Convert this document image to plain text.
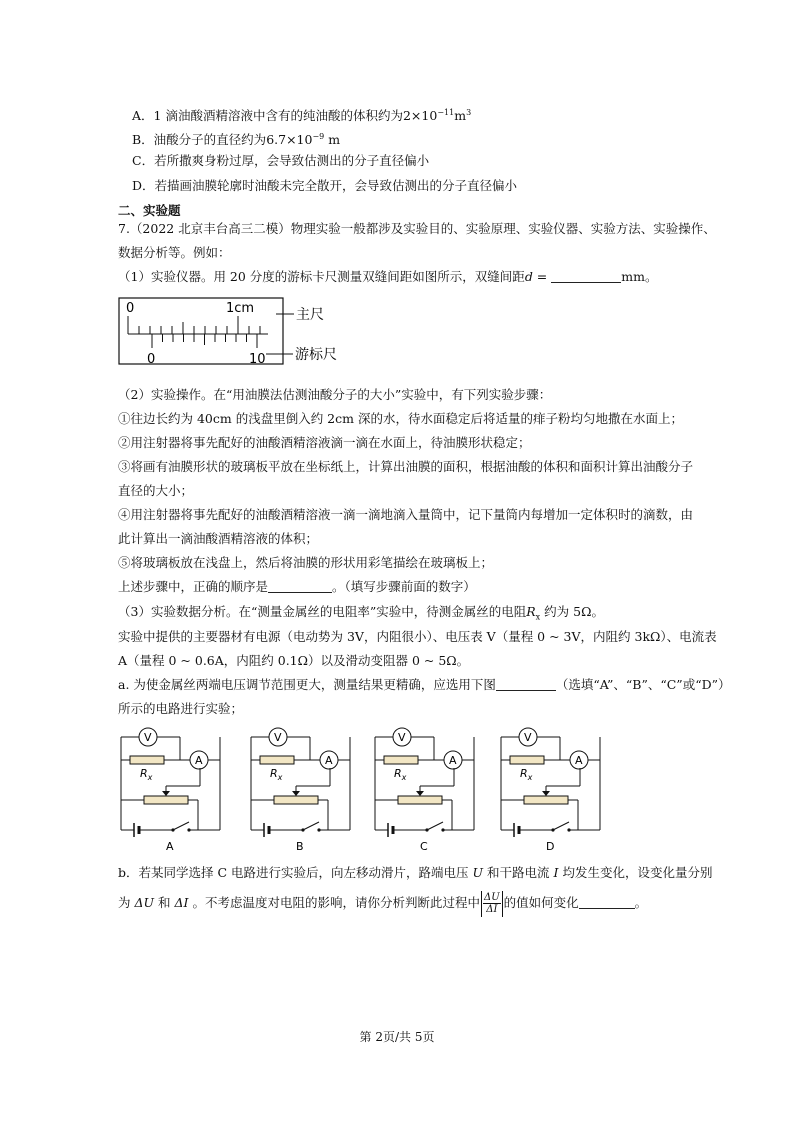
A．1 滴油酸酒精溶液中含有的纯油酸的体积约为$2\times 10^{-11}m^3$
B．油酸分子的直径约为$6.7\times 10^{-9}$ m
C．若所撒爽身粉过厚，会导致估测出的分子直径偏小
D．若描画油膜轮廓时油酸未完全散开，会导致估测出的分子直径偏小
二、实验题
7.（2022 北京丰台高三二模）物理实验一般都涉及实验目的、实验原理、实验仪器、实验方法、实验操作、
数据分析等。例如：
（1）实验仪器。用 20 分度的游标卡尺测量双缝间距如图所示，双缝间距d =	mm。
0	1cm
0	10
主尺
游标尺
（2）实验操作。在“用油膜法估测油酸分子的大小”实验中，有下列实验步骤：
①往边长约为 40cm 的浅盘里倒入约 2cm 深的水，待水面稳定后将适量的痱子粉均匀地撒在水面上；
②用注射器将事先配好的油酸酒精溶液滴一滴在水面上，待油膜形状稳定；
③将画有油膜形状的玻璃板平放在坐标纸上，计算出油膜的面积，根据油酸的体积和面积计算出油酸分子
直径的大小；
④用注射器将事先配好的油酸酒精溶液一滴一滴地滴入量筒中，记下量筒内每增加一定体积时的滴数，由
此计算出一滴油酸酒精溶液的体积；
⑤将玻璃板放在浅盘上，然后将油膜的形状用彩笔描绘在玻璃板上；
上述步骤中，正确的顺序是	。（填写步骤前面的数字）
（3）实验数据分析。在“测量金属丝的电阻率”实验中，待测金属丝的电阻$R_x$ 约为 5Ω。
实验中提供的主要器材有电源（电动势为 3V，内阻很小）、电压表 V（量程 0 ~ 3V，内阻约 3kΩ）、电流表
A（量程 0 ~ 0.6A，内阻约 0.1Ω）以及滑动变阻器 0 ~ 5Ω。
a. 为使金属丝两端电压调节范围更大，测量结果更精确，应选用下图	（选填“A”、“B”、“C”或“D”）
所示的电路进行实验；
V
A
$R_x$
A
V
A
$R_x$
B
V
A
$R_x$
C
V
A
$R_x$
D
b．若某同学选择 C 电路进行实验后，向左移动滑片，路端电压 U 和干路电流 I 均发生变化，设变化量分别
为 ΔU 和 ΔI 。不考虑温度对电阻的影响，请你分析判断此过程中 $\frac{\Delta U}{\Delta I}$ 的值如何变化	。
第 2页/共 5页
